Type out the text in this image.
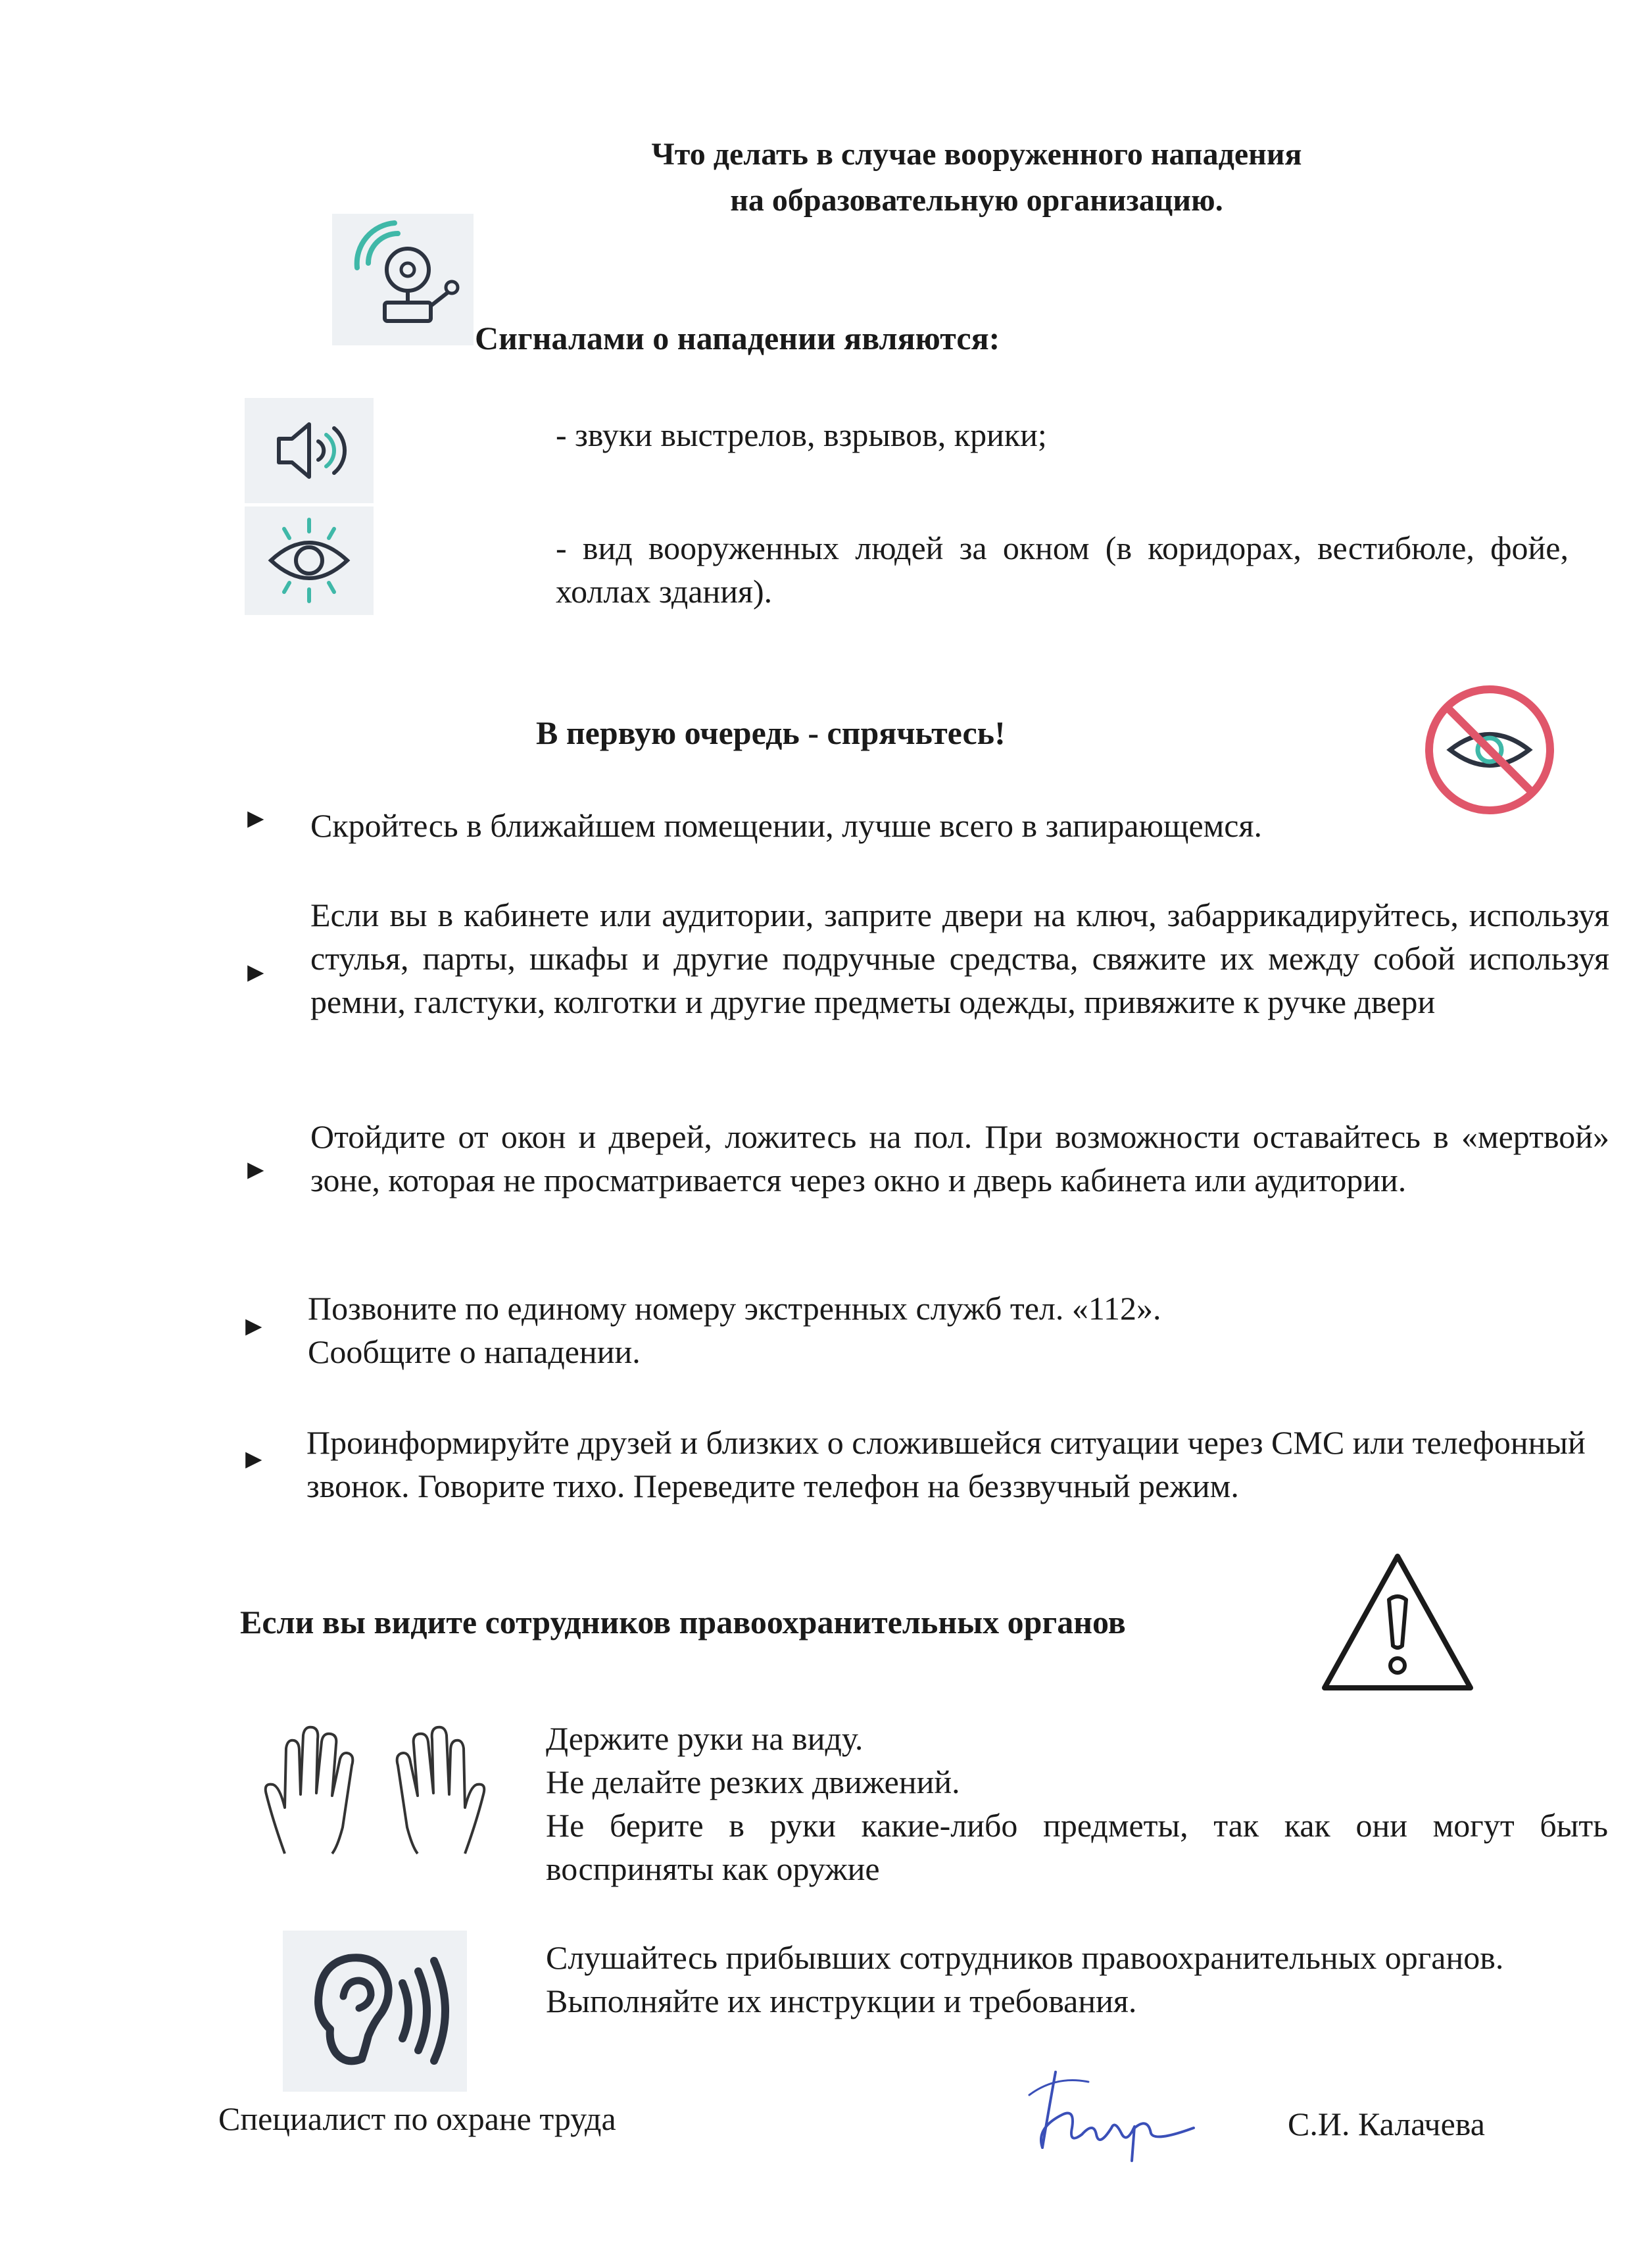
Что делать в случае вооруженного нападения
на образовательную организацию.
Сигналами о нападении являются:
- звуки выстрелов, взрывов, крики;
- вид вооруженных людей за окном (в коридорах, вестибюле, фойе, холлах здания).
В первую очередь - спрячьтесь!
► Скройтесь в ближайшем помещении, лучше всего в запирающемся.
►
Если вы в кабинете или аудитории, заприте двери на ключ, забаррикадируйтесь, используя стулья, парты, шкафы и другие подручные средства, свяжите их между собой используя ремни, галстуки, колготки и другие предметы одежды, привяжите к ручке двери
►
Отойдите от окон и дверей, ложитесь на пол. При возможности оставайтесь в «мертвой» зоне, которая не просматривается через окно и дверь кабинета или аудитории.
► Позвоните по единому номеру экстренных служб тел. «112».
Сообщите о нападении.
► Проинформируйте друзей и близких о сложившейся ситуации через СМС или телефонный звонок. Говорите тихо. Переведите телефон на беззвучный режим.
Если вы видите сотрудников правоохранительных органов
Держите руки на виду.
Не делайте резких движений.
Не берите в руки какие-либо предметы, так как они могут быть восприняты как оружие
Слушайтесь прибывших сотрудников правоохранительных органов.
Выполняйте их инструкции и требования.
Специалист по охране труда	С.И. Калачева
